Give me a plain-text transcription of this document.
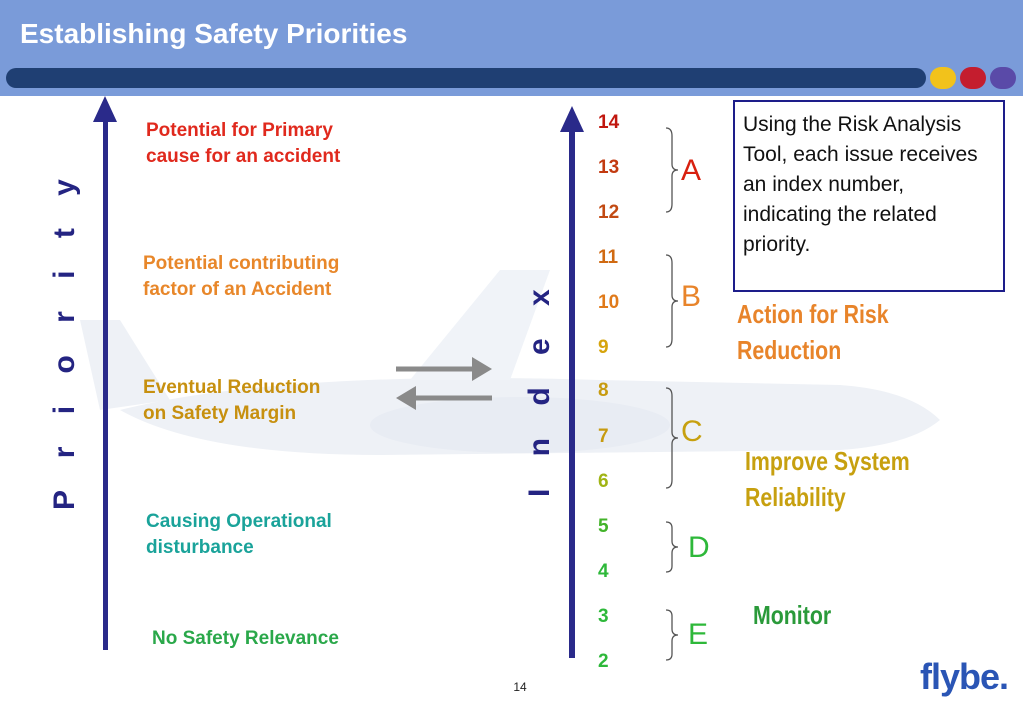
Establishing Safety Priorities
P r i o r i t y
Potential for Primary
cause for an accident
Potential contributing
factor of an Accident
Eventual Reduction
on Safety Margin
Causing Operational
disturbance
No Safety Relevance
I n d e x
14
13
12
11
10
9
8
7
6
5
4
3
2
A
B
C
D
E
Action for Risk
Reduction
Improve System
Reliability
Monitor
Using the Risk Analysis Tool, each issue receives an index number, indicating the related priority.
14	flybe.
